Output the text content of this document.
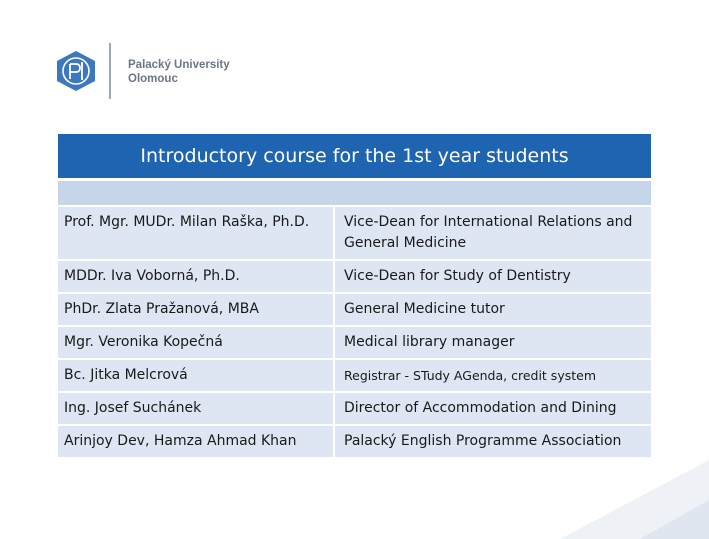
Palacký University
Olomouc
Introductory course for the 1st year students
Prof. Mgr. MUDr. Milan Raška, Ph.D.	Vice-Dean for International Relations and General Medicine
MDDr. Iva Voborná, Ph.D.	Vice-Dean for Study of Dentistry
PhDr. Zlata Pražanová, MBA	General Medicine tutor
Mgr. Veronika Kopečná	Medical library manager
Bc. Jitka Melcrová	Registrar - STudy AGenda, credit system
Ing. Josef Suchánek	Director of Accommodation and Dining
Arinjoy Dev, Hamza Ahmad Khan	Palacký English Programme Association
